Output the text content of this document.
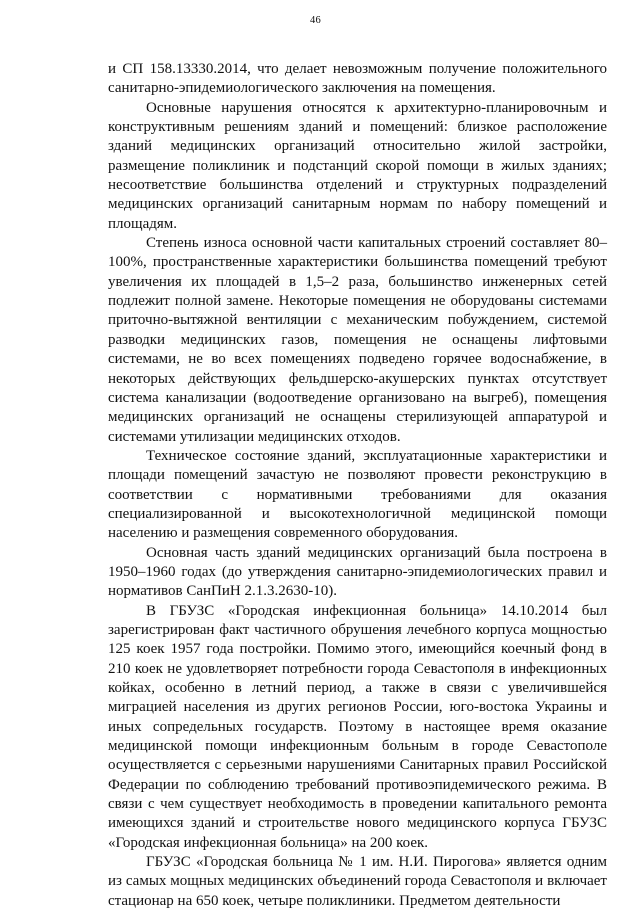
46

и СП 158.13330.2014, что делает невозможным получение положительного санитарно-эпидемиологического заключения на помещения.

Основные нарушения относятся к архитектурно-планировочным и конструктивным решениям зданий и помещений: близкое расположение зданий медицинских организаций относительно жилой застройки, размещение поликлиник и подстанций скорой помощи в жилых зданиях; несоответствие большинства отделений и структурных подразделений медицинских организаций санитарным нормам по набору помещений и площадям.

Степень износа основной части капитальных строений составляет 80–100%, пространственные характеристики большинства помещений требуют увеличения их площадей в 1,5–2 раза, большинство инженерных сетей подлежит полной замене. Некоторые помещения не оборудованы системами приточно-вытяжной вентиляции с механическим побуждением, системой разводки медицинских газов, помещения не оснащены лифтовыми системами, не во всех помещениях подведено горячее водоснабжение, в некоторых действующих фельдшерско-акушерских пунктах отсутствует система канализации (водоотведение организовано на выгреб), помещения медицинских организаций не оснащены стерилизующей аппаратурой и системами утилизации медицинских отходов.

Техническое состояние зданий, эксплуатационные характеристики и площади помещений зачастую не позволяют провести реконструкцию в соответствии с нормативными требованиями для оказания специализированной и высокотехнологичной медицинской помощи населению и размещения современного оборудования.

Основная часть зданий медицинских организаций была построена в 1950–1960 годах (до утверждения санитарно-эпидемиологических правил и нормативов СанПиН 2.1.3.2630-10).

В ГБУЗС «Городская инфекционная больница» 14.10.2014 был зарегистрирован факт частичного обрушения лечебного корпуса мощностью 125 коек 1957 года постройки. Помимо этого, имеющийся коечный фонд в 210 коек не удовлетворяет потребности города Севастополя в инфекционных койках, особенно в летний период, а также в связи с увеличившейся миграцией населения из других регионов России, юго-востока Украины и иных сопредельных государств. Поэтому в настоящее время оказание медицинской помощи инфекционным больным в городе Севастополе осуществляется с серьезными нарушениями Санитарных правил Российской Федерации по соблюдению требований противоэпидемического режима. В связи с чем существует необходимость в проведении капитального ремонта имеющихся зданий и строительстве нового медицинского корпуса ГБУЗС «Городская инфекционная больница» на 200 коек.

ГБУЗС «Городская больница № 1 им. Н.И. Пирогова» является одним из самых мощных медицинских объединений города Севастополя и включает стационар на 650 коек, четыре поликлиники. Предметом деятельности
